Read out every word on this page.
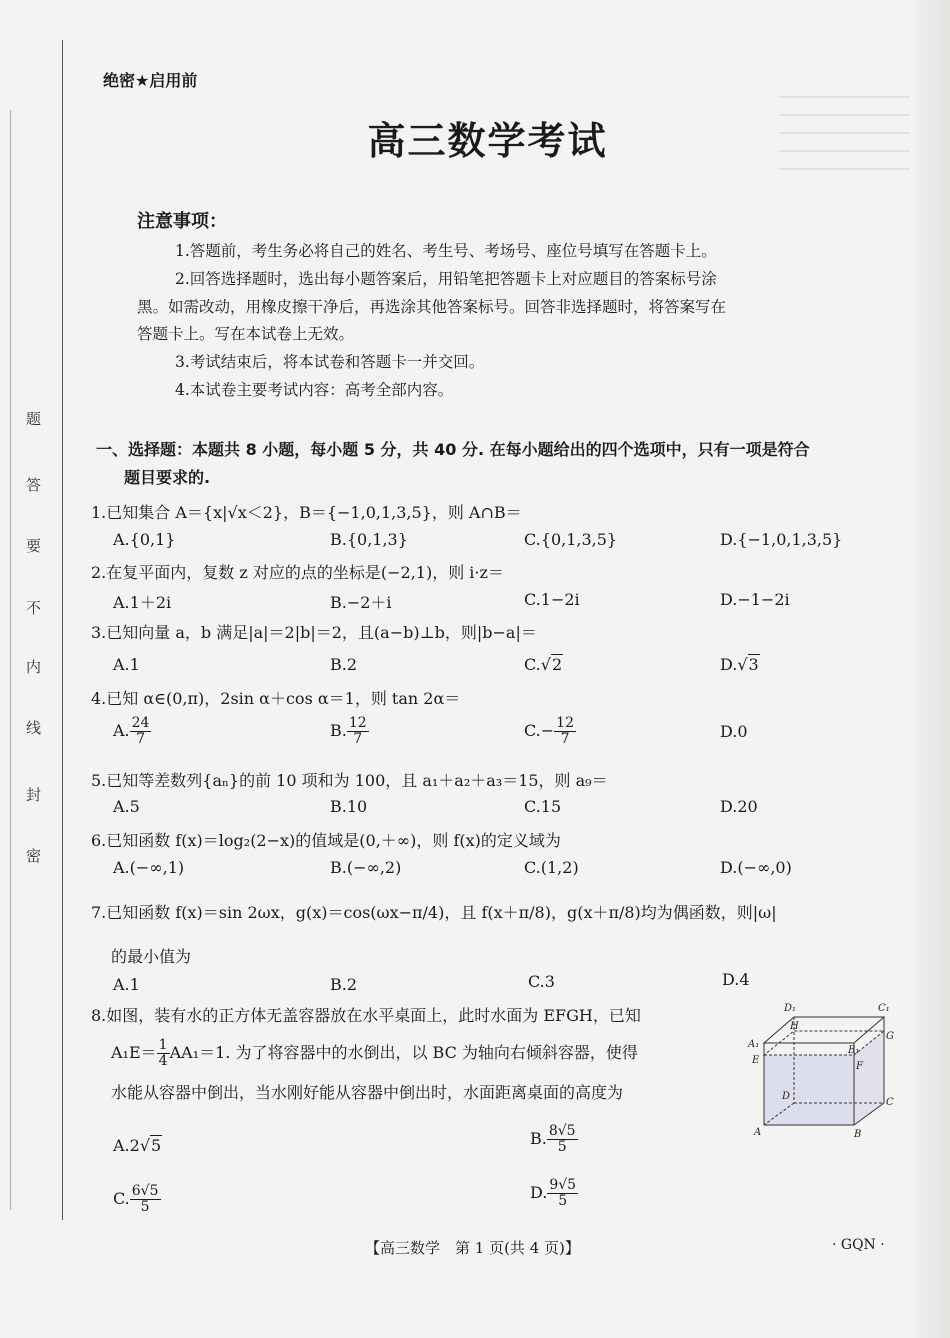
题
答
要
不
内
线
封
密
绝密★启用前
高三数学考试
注意事项：
1.答题前，考生务必将自己的姓名、考生号、考场号、座位号填写在答题卡上。
2.回答选择题时，选出每小题答案后，用铅笔把答题卡上对应题目的答案标号涂
黑。如需改动，用橡皮擦干净后，再选涂其他答案标号。回答非选择题时，将答案写在
答题卡上。写在本试卷上无效。
3.考试结束后，将本试卷和答题卡一并交回。
4.本试卷主要考试内容：高考全部内容。
一、选择题：本题共 8 小题，每小题 5 分，共 40 分. 在每小题给出的四个选项中，只有一项是符合
题目要求的.
1.已知集合 A＝{x|√x＜2}，B＝{−1,0,1,3,5}，则 A∩B＝
A.{0,1}	B.{0,1,3}	C.{0,1,3,5}	D.{−1,0,1,3,5}
2.在复平面内，复数 z 对应的点的坐标是(−2,1)，则 i·z＝
A.1＋2i	B.−2＋i	C.1−2i	D.−1−2i
3.已知向量 a，b 满足|a|＝2|b|＝2，且(a−b)⊥b，则|b−a|＝
A.1	B.2	C.√2	D.√3
4.已知 α∈(0,π)，2sin α＋cos α＝1，则 tan 2α＝
A. $\frac{24}{7}$	B. $\frac{12}{7}$	$C.- \frac{12}{7}$	D.0
5.已知等差数列{aₙ}的前 10 项和为 100，且 a₁＋a₂＋a₃＝15，则 a₉＝
A.5	B.10	C.15	D.20
6.已知函数 f(x)＝log₂(2−x)的值域是(0,＋∞)，则 f(x)的定义域为
A.(−∞,1)	B.(−∞,2)	C.(1,2)	D.(−∞,0)
7.已知函数 f(x)＝sin 2ωx，g(x)＝cos(ωx−π/4)，且 f(x＋π/8)，g(x＋π/8)均为偶函数，则|ω|
的最小值为
A.1	B.2	C.3	D.4
8.如图，装有水的正方体无盖容器放在水平桌面上，此时水面为 EFGH，已知
$A_1E= \frac{1}{4} AA_1=1$. 为了将容器中的水倒出，以 BC 为轴向右倾斜容器，使得
水能从容器中倒出，当水刚好能从容器中倒出时，水面距离桌面的高度为
A.2√5	B. $\frac{8√5}{5}$
C. $\frac{6√5}{5}$	D. $\frac{9√5}{5}$
D₁	C₁
H
G
A₁
B₁
E
F
D
C
A	B
【高三数学　第 1 页(共 4 页)】	· GQN ·
